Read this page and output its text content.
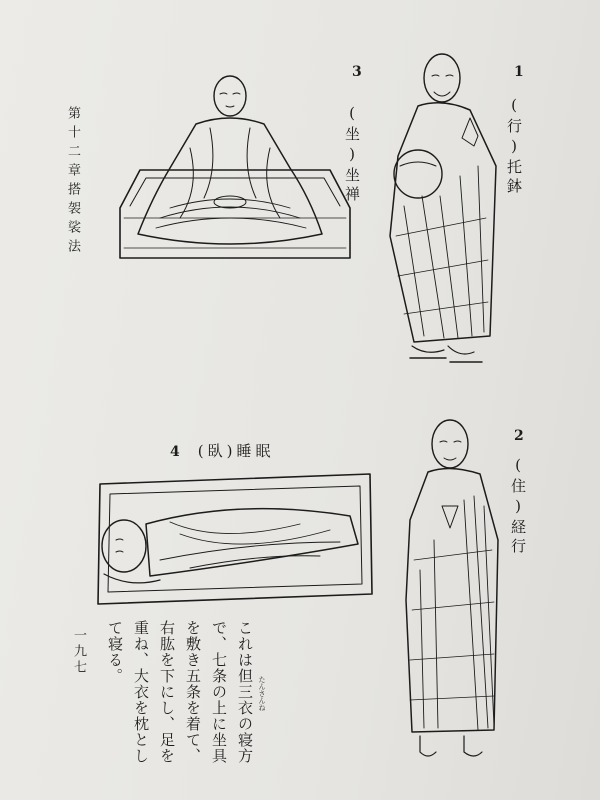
第十二章搭袈裟法
1
3
2
(行)托鉢
(坐)坐禅
(住)経行
4 (臥)睡眠

これは但三衣の寝方

で、七条の上に坐具

を敷き五条を着て、

右肱を下にし、足を

重ね、大衣を枕とし

て寝る。

たんさんね
一九七
